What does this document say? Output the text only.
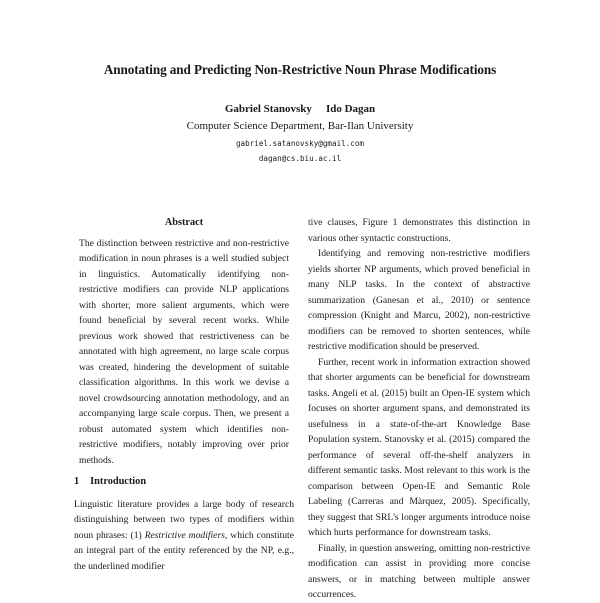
Annotating and Predicting Non-Restrictive Noun Phrase Modifications
Gabriel Stanovsky Ido Dagan
Computer Science Department, Bar-Ilan University
gabriel.satanovsky@gmail.com
dagan@cs.biu.ac.il
Abstract

The distinction between restrictive and non-restrictive modification in noun phrases is a well studied subject in linguistics. Automatically identifying non-restrictive modifiers can provide NLP applications with shorter, more salient arguments, which were found beneficial by several recent works. While previous work showed that restrictiveness can be annotated with high agreement, no large scale corpus was created, hindering the development of suitable classification algorithms. In this work we devise a novel crowdsourcing annotation methodology, and an accompanying large scale corpus. Then, we present a robust automated system which identifies non-restrictive modifiers, notably improving over prior methods.

1 Introduction

Linguistic literature provides a large body of research distinguishing between two types of modifiers within noun phrases: (1) Restrictive modifiers, which constitute an integral part of the entity referenced by the NP, e.g., the underlined modifier

tive clauses, Figure 1 demonstrates this distinction in various other syntactic constructions.

Identifying and removing non-restrictive modifiers yields shorter NP arguments, which proved beneficial in many NLP tasks. In the context of abstractive summarization (Ganesan et al., 2010) or sentence compression (Knight and Marcu, 2002), non-restrictive modifiers can be removed to shorten sentences, while restrictive modification should be preserved.

Further, recent work in information extraction showed that shorter arguments can be beneficial for downstream tasks. Angeli et al. (2015) built an Open-IE system which focuses on shorter argument spans, and demonstrated its usefulness in a state-of-the-art Knowledge Base Population system. Stanovsky et al. (2015) compared the performance of several off-the-shelf analyzers in different semantic tasks. Most relevant to this work is the comparison between Open-IE and Semantic Role Labeling (Carreras and Màrquez, 2005). Specifically, they suggest that SRL's longer arguments introduce noise which hurts performance for downstream tasks.

Finally, in question answering, omitting non-restrictive modification can assist in providing more concise answers, or in matching between multiple answer occurrences.
